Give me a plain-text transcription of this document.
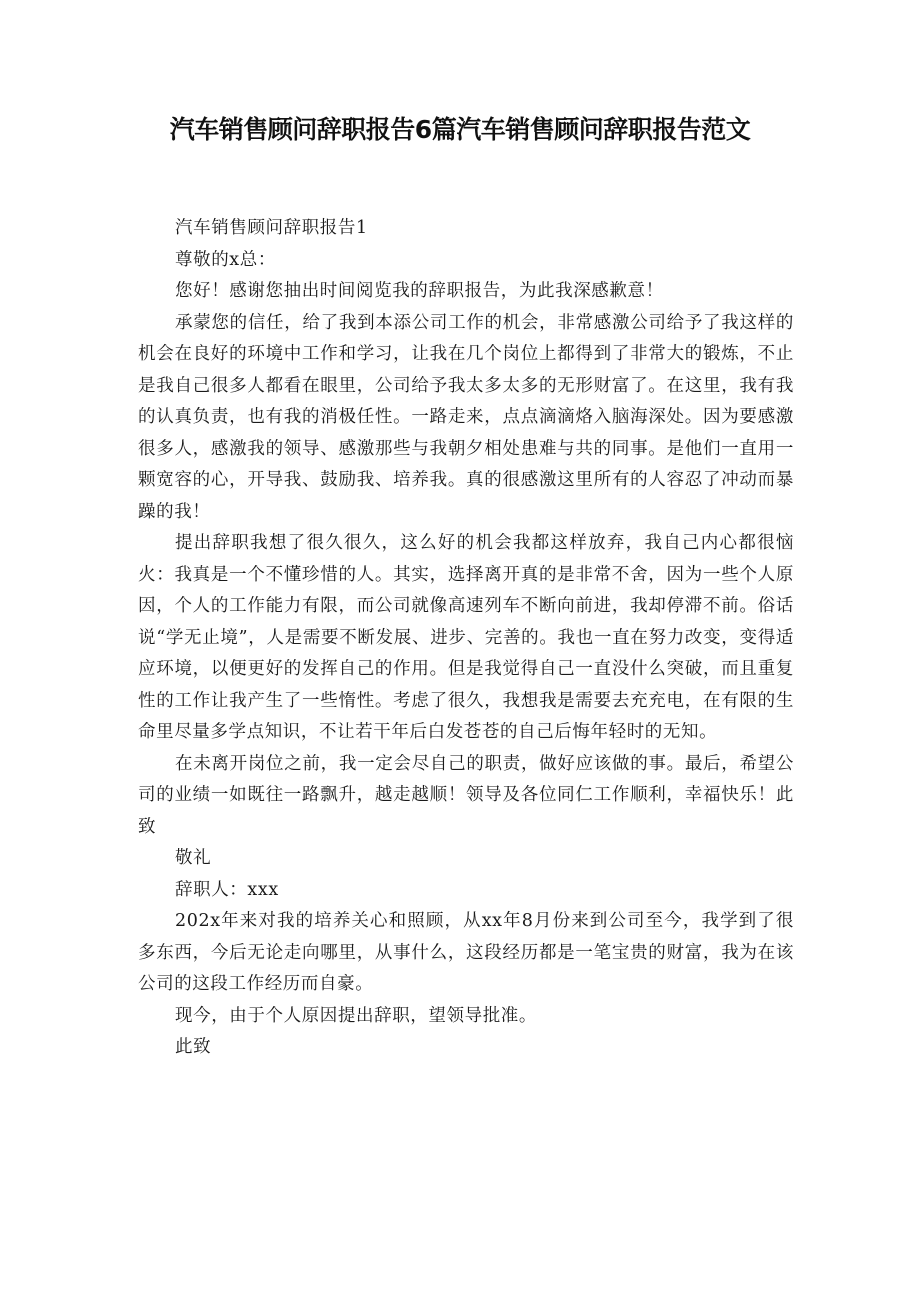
汽车销售顾问辞职报告6篇汽车销售顾问辞职报告范文

汽车销售顾问辞职报告1

尊敬的x总：

您好！感谢您抽出时间阅览我的辞职报告，为此我深感歉意！

承蒙您的信任，给了我到本添公司工作的机会，非常感激公司给予了我这样的机会在良好的环境中工作和学习，让我在几个岗位上都得到了非常大的锻炼，不止是我自己很多人都看在眼里，公司给予我太多太多的无形财富了。在这里，我有我的认真负责，也有我的消极任性。一路走来，点点滴滴烙入脑海深处。因为要感激很多人，感激我的领导、感激那些与我朝夕相处患难与共的同事。是他们一直用一颗宽容的心，开导我、鼓励我、培养我。真的很感激这里所有的人容忍了冲动而暴躁的我！

提出辞职我想了很久很久，这么好的机会我都这样放弃，我自己内心都很恼火：我真是一个不懂珍惜的人。其实，选择离开真的是非常不舍，因为一些个人原因，个人的工作能力有限，而公司就像高速列车不断向前进，我却停滞不前。俗话说“学无止境”，人是需要不断发展、进步、完善的。我也一直在努力改变，变得适应环境，以便更好的发挥自己的作用。但是我觉得自己一直没什么突破，而且重复性的工作让我产生了一些惰性。考虑了很久，我想我是需要去充充电，在有限的生命里尽量多学点知识，不让若干年后白发苍苍的自己后悔年轻时的无知。

在未离开岗位之前，我一定会尽自己的职责，做好应该做的事。最后，希望公司的业绩一如既往一路飘升，越走越顺！领导及各位同仁工作顺利，幸福快乐！此致

敬礼

辞职人：xxx

202x年来对我的培养关心和照顾，从xx年8月份来到公司至今，我学到了很多东西，今后无论走向哪里，从事什么，这段经历都是一笔宝贵的财富，我为在该公司的这段工作经历而自豪。

现今，由于个人原因提出辞职，望领导批准。

此致
